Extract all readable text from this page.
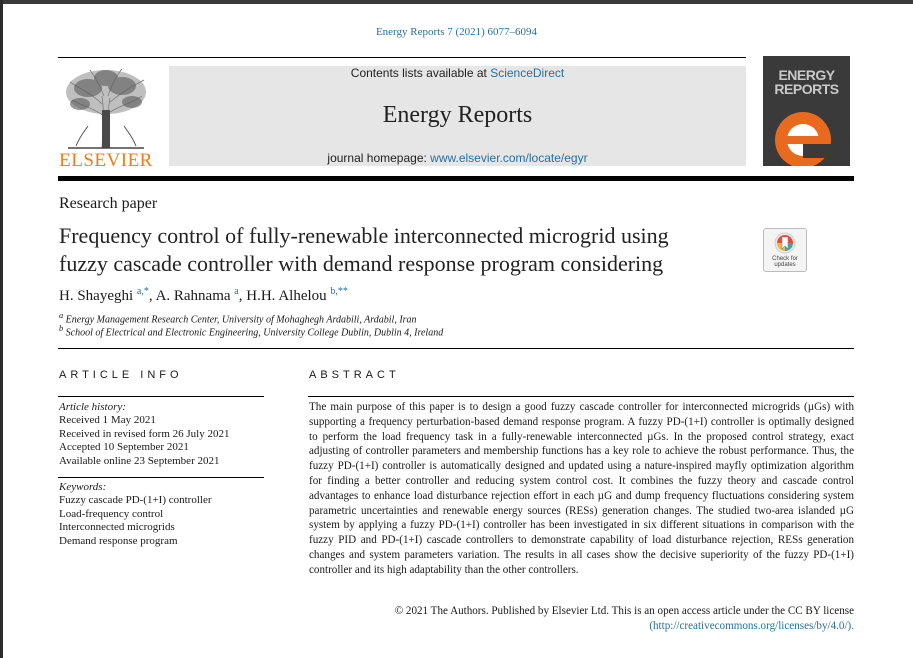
Energy Reports 7 (2021) 6077–6094
ELSEVIER
Contents lists available at ScienceDirect
Energy Reports
journal homepage: www.elsevier.com/locate/egyr
ENERGY
REPORTS
Research paper
Frequency control of fully-renewable interconnected microgrid using
fuzzy cascade controller with demand response program considering	Check for
updates
H. Shayeghi $^{a,*}$, A. Rahnama $^a$, H.H. Alhelou $^{b,**}$
$^a$ Energy Management Research Center, University of Mohaghegh Ardabili, Ardabil, Iran
$^b$ School of Electrical and Electronic Engineering, University College Dublin, Dublin 4, Ireland
ARTICLE INFO	ABSTRACT
Article history:
Received 1 May 2021
Received in revised form 26 July 2021
Accepted 10 September 2021
Available online 23 September 2021
Keywords:
Fuzzy cascade PD-(1+I) controller
Load-frequency control
Interconnected microgrids
Demand response program
The main purpose of this paper is to design a good fuzzy cascade controller for interconnected microgrids (µGs) with supporting a frequency perturbation-based demand response program. A fuzzy PD-(1+I) controller is optimally designed to perform the load frequency task in a fully-renewable interconnected µGs. In the proposed control strategy, exact adjusting of controller parameters and membership functions has a key role to achieve the robust performance. Thus, the fuzzy PD-(1+I) controller is automatically designed and updated using a nature-inspired mayfly optimization algorithm for finding a better controller and reducing system control cost. It combines the fuzzy theory and cascade control advantages to enhance load disturbance rejection effort in each µG and dump frequency fluctuations considering system parametric uncertainties and renewable energy sources (RESs) generation changes. The studied two-area islanded µG system by applying a fuzzy PD-(1+I) controller has been investigated in six different situations in comparison with the fuzzy PID and PD-(1+I) cascade controllers to demonstrate capability of load disturbance rejection, RESs generation changes and system parameters variation. The results in all cases show the decisive superiority of the fuzzy PD-(1+I) controller and its high adaptability than the other controllers.
© 2021 The Authors. Published by Elsevier Ltd. This is an open access article under the CC BY license
(http://creativecommons.org/licenses/by/4.0/).
